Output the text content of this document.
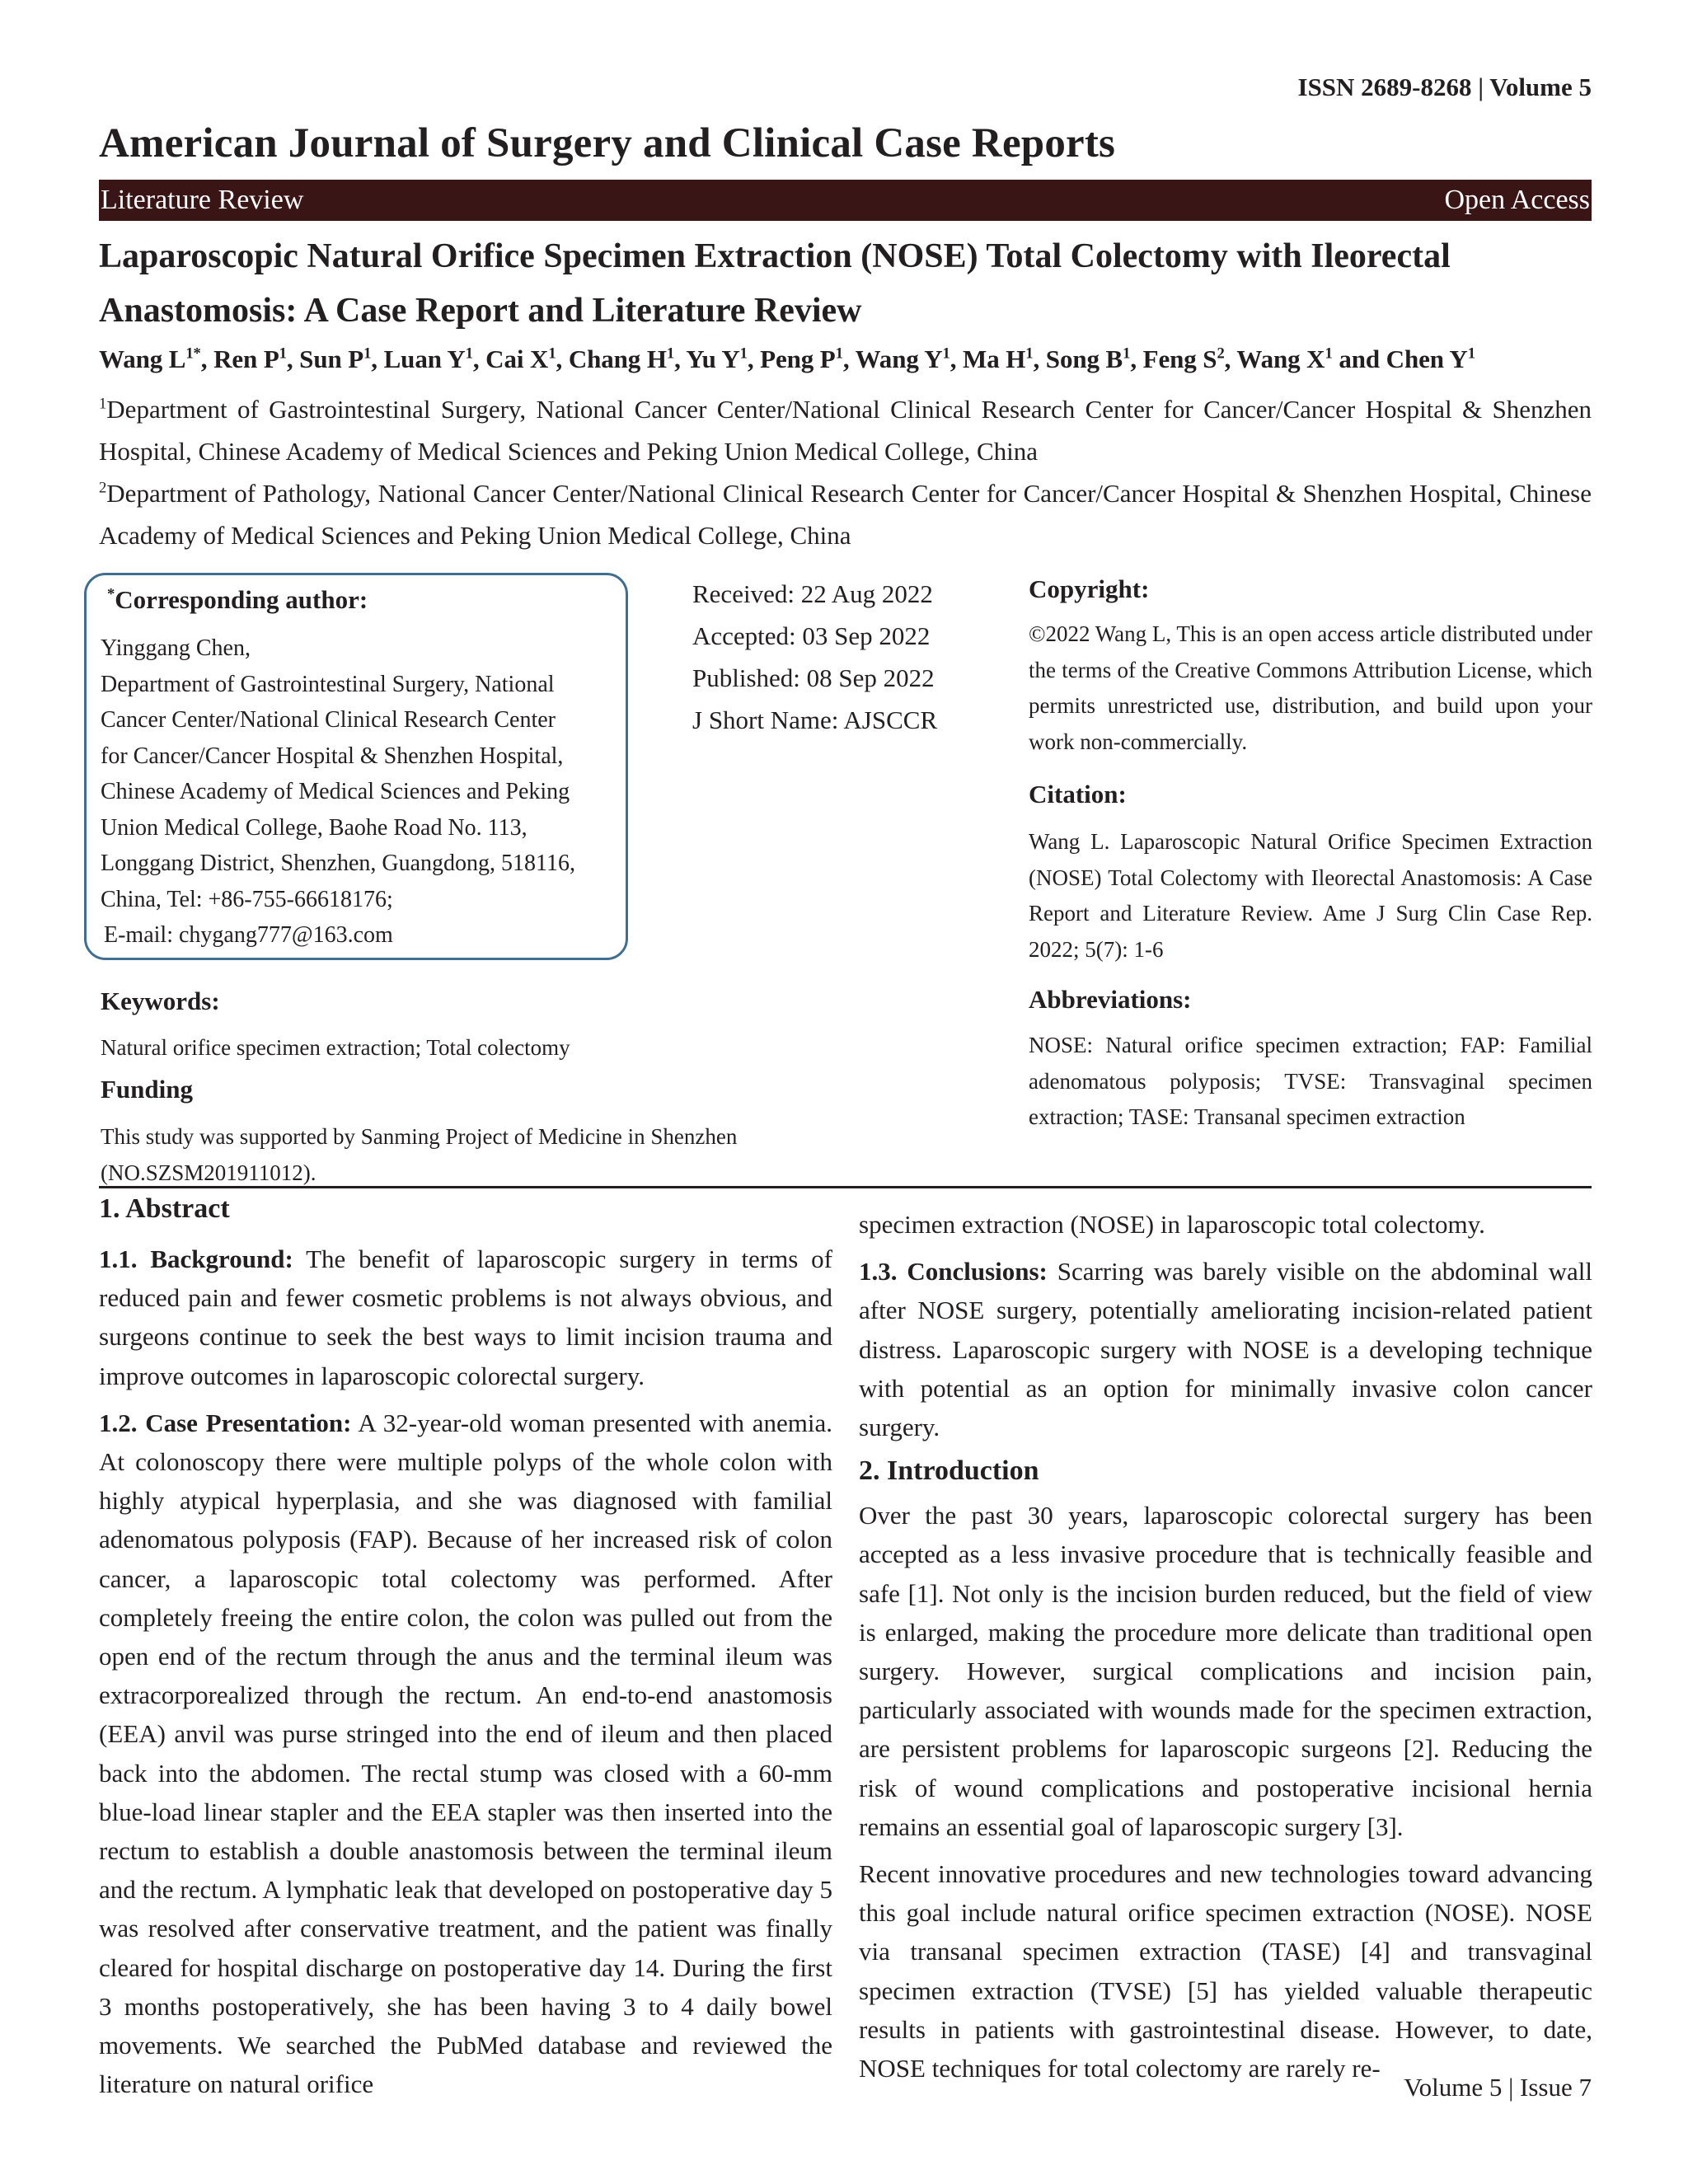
ISSN 2689-8268 | Volume 5
American Journal of Surgery and Clinical Case Reports
Literature Review	Open Access
Laparoscopic Natural Orifice Specimen Extraction (NOSE) Total Colectomy with Ileorectal Anastomosis: A Case Report and Literature Review
Wang $L^{1*}$, Ren $P^1$, Sun $P^1$, Luan $Y^1$, Cai $X^1$, Chang $H^1$, Yu $Y^1$, Peng $P^1$, Wang $Y^1$, Ma $H^1$, Song $B^1$, Feng $S^2$, Wang $X^1$ and Chen $Y^1$
$^1$Department of Gastrointestinal Surgery, National Cancer Center/National Clinical Research Center for Cancer/Cancer Hospital & Shenzhen Hospital, Chinese Academy of Medical Sciences and Peking Union Medical College, China
$^2$Department of Pathology, National Cancer Center/National Clinical Research Center for Cancer/Cancer Hospital & Shenzhen Hospital, Chinese Academy of Medical Sciences and Peking Union Medical College, China
*Corresponding author:
Yinggang Chen,
Department of Gastrointestinal Surgery, National
Cancer Center/National Clinical Research Center
for Cancer/Cancer Hospital & Shenzhen Hospital,
Chinese Academy of Medical Sciences and Peking
Union Medical College, Baohe Road No. 113,
Longgang District, Shenzhen, Guangdong, 518116,
China, Tel: +86-755-66618176;
E-mail: chygang777@163.com
Received: 22 Aug 2022
Accepted: 03 Sep 2022
Published: 08 Sep 2022
J Short Name: AJSCCR
Copyright:
©2022 Wang L, This is an open access article distributed under the terms of the Creative Commons Attribution License, which permits unrestricted use, distribution, and build upon your work non-commercially.
Citation:
Wang L. Laparoscopic Natural Orifice Specimen Extraction (NOSE) Total Colectomy with Ileorectal Anastomosis: A Case Report and Literature Review. Ame J Surg Clin Case Rep. 2022; 5(7): 1-6
Abbreviations:
NOSE: Natural orifice specimen extraction; FAP: Familial adenomatous polyposis; TVSE: Transvaginal specimen extraction; TASE: Transanal specimen extraction
Keywords:
Natural orifice specimen extraction; Total colectomy
Funding
This study was supported by Sanming Project of Medicine in Shenzhen (NO.SZSM201911012).
1. Abstract

1.1. Background: The benefit of laparoscopic surgery in terms of reduced pain and fewer cosmetic problems is not always obvious, and surgeons continue to seek the best ways to limit incision trauma and improve outcomes in laparoscopic colorectal surgery.

1.2. Case Presentation: A 32-year-old woman presented with anemia. At colonoscopy there were multiple polyps of the whole colon with highly atypical hyperplasia, and she was diagnosed with familial adenomatous polyposis (FAP). Because of her increased risk of colon cancer, a laparoscopic total colectomy was performed. After completely freeing the entire colon, the colon was pulled out from the open end of the rectum through the anus and the terminal ileum was extracorporealized through the rectum. An end-to-end anastomosis (EEA) anvil was purse stringed into the end of ileum and then placed back into the abdomen. The rectal stump was closed with a 60-mm blue-load linear stapler and the EEA stapler was then inserted into the rectum to establish a double anastomosis between the terminal ileum and the rectum. A lymphatic leak that developed on postoperative day 5 was resolved after conservative treatment, and the patient was finally cleared for hospital discharge on postoperative day 14. During the first 3 months postoperatively, she has been having 3 to 4 daily bowel movements. We searched the PubMed database and reviewed the literature on natural orifice

specimen extraction (NOSE) in laparoscopic total colectomy.

1.3. Conclusions: Scarring was barely visible on the abdominal wall after NOSE surgery, potentially ameliorating incision-related patient distress. Laparoscopic surgery with NOSE is a developing technique with potential as an option for minimally invasive colon cancer surgery.

2. Introduction

Over the past 30 years, laparoscopic colorectal surgery has been accepted as a less invasive procedure that is technically feasible and safe [1]. Not only is the incision burden reduced, but the field of view is enlarged, making the procedure more delicate than traditional open surgery. However, surgical complications and incision pain, particularly associated with wounds made for the specimen extraction, are persistent problems for laparoscopic surgeons [2]. Reducing the risk of wound complications and postoperative incisional hernia remains an essential goal of laparoscopic surgery [3].

Recent innovative procedures and new technologies toward advancing this goal include natural orifice specimen extraction (NOSE). NOSE via transanal specimen extraction (TASE) [4] and transvaginal specimen extraction (TVSE) [5] has yielded valuable therapeutic results in patients with gastrointestinal disease. However, to date, NOSE techniques for total colectomy are rarely re-

Volume 5 | Issue 7
